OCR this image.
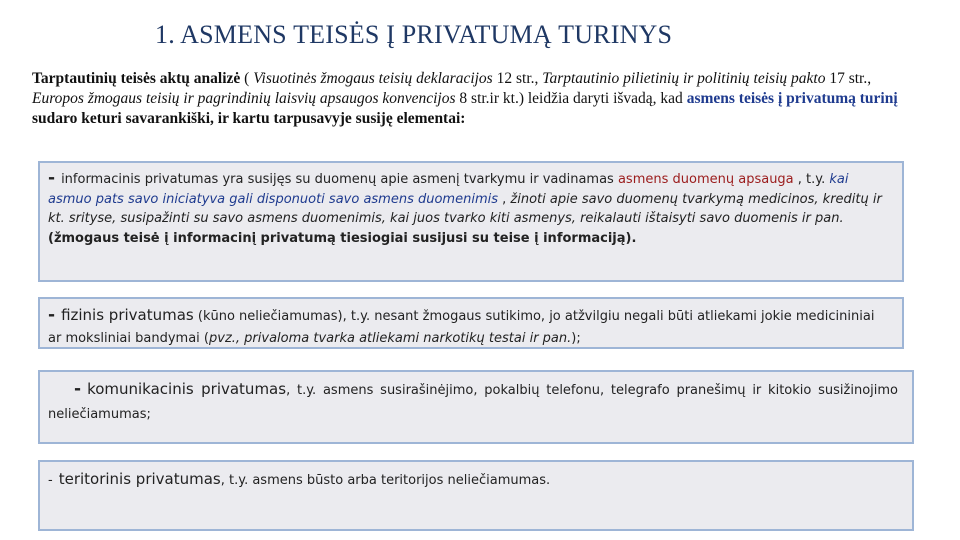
1. ASMENS TEISĖS Į PRIVATUMĄ TURINYS
Tarptautinių teisės aktų analizė ( Visuotinės žmogaus teisių deklaracijos 12 str., Tarptautinio pilietinių ir politinių teisių pakto 17 str., Europos žmogaus teisių ir pagrindinių laisvių apsaugos konvencijos 8 str.ir kt.) leidžia daryti išvadą, kad asmens teisės į privatumą turinį sudaro keturi savarankiški, ir kartu tarpusavyje susiję elementai:
- informacinis privatumas yra susijęs su duomenų apie asmenį tvarkymu ir vadinamas asmens duomenų apsauga , t.y. kai asmuo pats savo iniciatyva gali disponuoti savo asmens duomenimis , žinoti apie savo duomenų tvarkymą medicinos, kreditų ir kt. srityse, susipažinti su savo asmens duomenimis, kai juos tvarko kiti asmenys, reikalauti ištaisyti savo duomenis ir pan. (žmogaus teisė į informacinį privatumą tiesiogiai susijusi su teise į informaciją).
- fizinis privatumas (kūno neliečiamumas), t.y. nesant žmogaus sutikimo, jo atžvilgiu negali būti atliekami jokie medicininiai ar moksliniai bandymai (pvz., privaloma tvarka atliekami narkotikų testai ir pan.);
- komunikacinis privatumas, t.y. asmens susirašinėjimo, pokalbių telefonu, telegrafo pranešimų ir kitokio susižinojimo neliečiamumas;
- teritorinis privatumas, t.y. asmens būsto arba teritorijos neliečiamumas.
